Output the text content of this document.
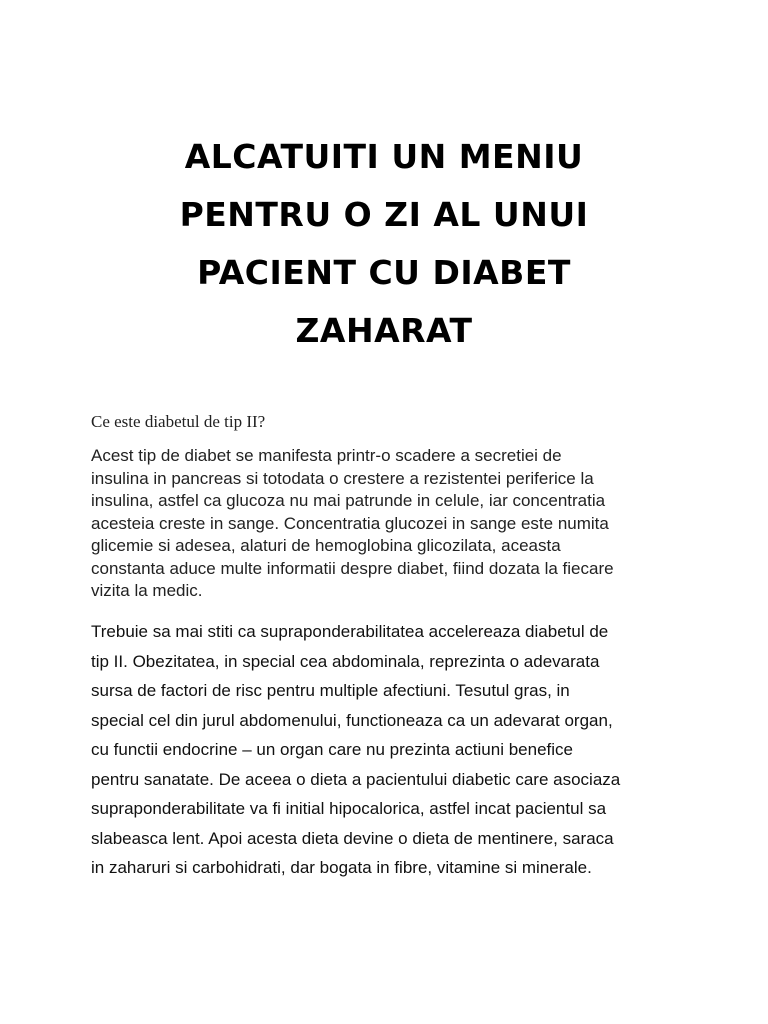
ALCATUITI UN MENIU
PENTRU O ZI AL UNUI
PACIENT CU DIABET
ZAHARAT
Ce este diabetul de tip II?
Acest tip de diabet se manifesta printr-o scadere a secretiei de
insulina in pancreas si totodata o crestere a rezistentei periferice la
insulina, astfel ca glucoza nu mai patrunde in celule, iar concentratia
acesteia creste in sange. Concentratia glucozei in sange este numita
glicemie si adesea, alaturi de hemoglobina glicozilata, aceasta
constanta aduce multe informatii despre diabet, fiind dozata la fiecare
vizita la medic.
Trebuie sa mai stiti ca supraponderabilitatea accelereaza diabetul de
tip II. Obezitatea, in special cea abdominala, reprezinta o adevarata
sursa de factori de risc pentru multiple afectiuni. Tesutul gras, in
special cel din jurul abdomenului, functioneaza ca un adevarat organ,
cu functii endocrine – un organ care nu prezinta actiuni benefice
pentru sanatate. De aceea o dieta a pacientului diabetic care asociaza
supraponderabilitate va fi initial hipocalorica, astfel incat pacientul sa
slabeasca lent. Apoi acesta dieta devine o dieta de mentinere, saraca
in zaharuri si carbohidrati, dar bogata in fibre, vitamine si minerale.
